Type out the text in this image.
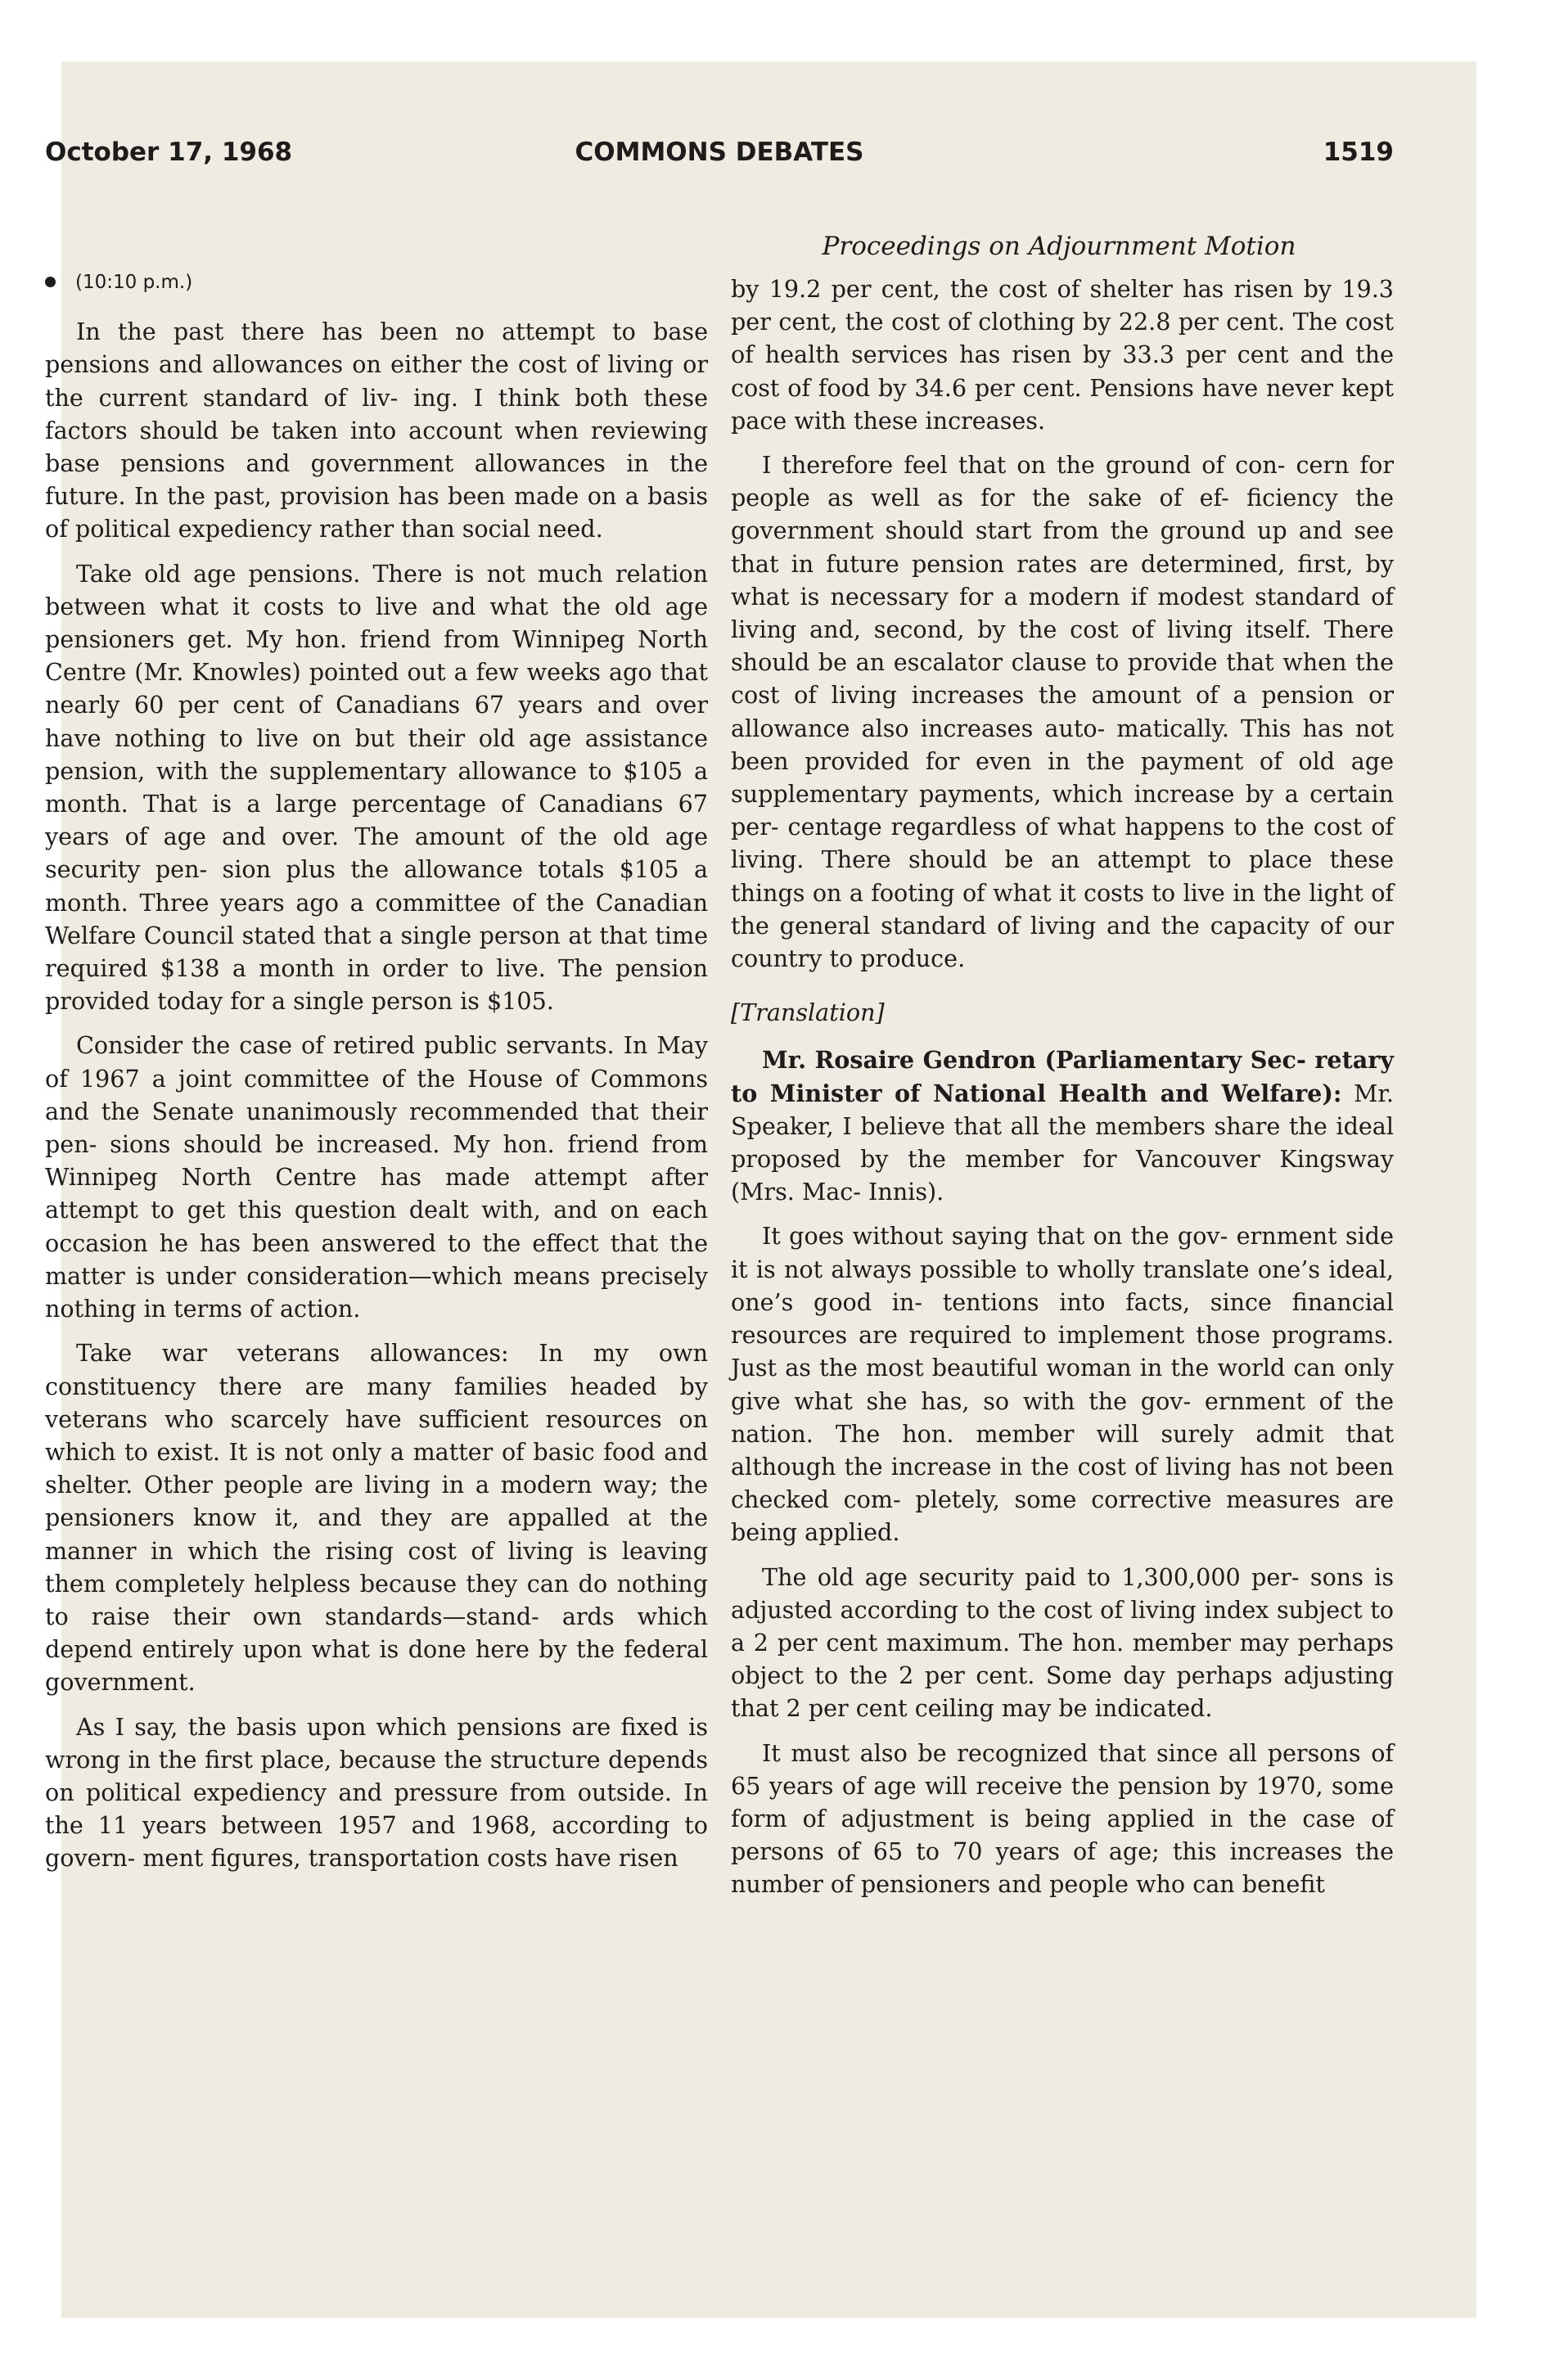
October 17, 1968	COMMONS DEBATES	1519
Proceedings on Adjournment Motion

(10:10 p.m.)

In the past there has been no attempt to base pensions and allowances on either the cost of living or the current standard of liv- ing. I think both these factors should be taken into account when reviewing base pensions and government allowances in the future. In the past, provision has been made on a basis of political expediency rather than social need.

Take old age pensions. There is not much relation between what it costs to live and what the old age pensioners get. My hon. friend from Winnipeg North Centre (Mr. Knowles) pointed out a few weeks ago that nearly 60 per cent of Canadians 67 years and over have nothing to live on but their old age assistance pension, with the supplementary allowance to $105 a month. That is a large percentage of Canadians 67 years of age and over. The amount of the old age security pen- sion plus the allowance totals $105 a month. Three years ago a committee of the Canadian Welfare Council stated that a single person at that time required $138 a month in order to live. The pension provided today for a single person is $105.

Consider the case of retired public servants. In May of 1967 a joint committee of the House of Commons and the Senate unanimously recommended that their pen- sions should be increased. My hon. friend from Winnipeg North Centre has made attempt after attempt to get this question dealt with, and on each occasion he has been answered to the effect that the matter is under consideration—which means precisely nothing in terms of action.

Take war veterans allowances: In my own constituency there are many families headed by veterans who scarcely have sufficient resources on which to exist. It is not only a matter of basic food and shelter. Other people are living in a modern way; the pensioners know it, and they are appalled at the manner in which the rising cost of living is leaving them completely helpless because they can do nothing to raise their own standards—stand- ards which depend entirely upon what is done here by the federal government.

As I say, the basis upon which pensions are fixed is wrong in the first place, because the structure depends on political expediency and pressure from outside. In the 11 years between 1957 and 1968, according to govern- ment figures, transportation costs have risen

by 19.2 per cent, the cost of shelter has risen by 19.3 per cent, the cost of clothing by 22.8 per cent. The cost of health services has risen by 33.3 per cent and the cost of food by 34.6 per cent. Pensions have never kept pace with these increases.

I therefore feel that on the ground of con- cern for people as well as for the sake of ef- ficiency the government should start from the ground up and see that in future pension rates are determined, first, by what is necessary for a modern if modest standard of living and, second, by the cost of living itself. There should be an escalator clause to provide that when the cost of living increases the amount of a pension or allowance also increases auto- matically. This has not been provided for even in the payment of old age supplementary payments, which increase by a certain per- centage regardless of what happens to the cost of living. There should be an attempt to place these things on a footing of what it costs to live in the light of the general standard of living and the capacity of our country to produce.

[Translation]

Mr. Rosaire Gendron (Parliamentary Sec- retary to Minister of National Health and Welfare): Mr. Speaker, I believe that all the members share the ideal proposed by the member for Vancouver Kingsway (Mrs. Mac- Innis).

It goes without saying that on the gov- ernment side it is not always possible to wholly translate one’s ideal, one’s good in- tentions into facts, since financial resources are required to implement those programs. Just as the most beautiful woman in the world can only give what she has, so with the gov- ernment of the nation. The hon. member will surely admit that although the increase in the cost of living has not been checked com- pletely, some corrective measures are being applied.

The old age security paid to 1,300,000 per- sons is adjusted according to the cost of living index subject to a 2 per cent maximum. The hon. member may perhaps object to the 2 per cent. Some day perhaps adjusting that 2 per cent ceiling may be indicated.

It must also be recognized that since all persons of 65 years of age will receive the pension by 1970, some form of adjustment is being applied in the case of persons of 65 to 70 years of age; this increases the number of pensioners and people who can benefit
